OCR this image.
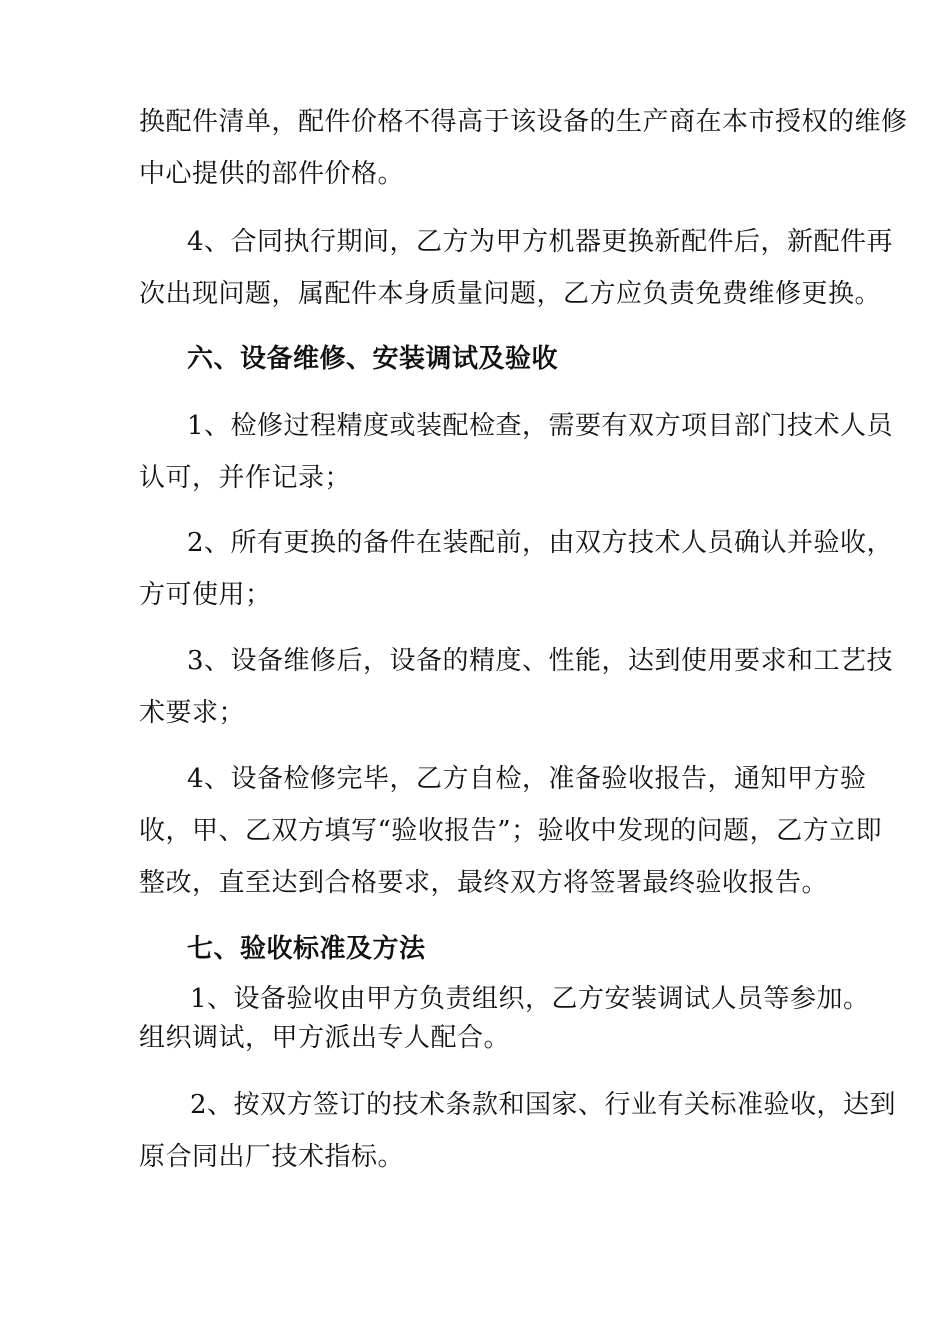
换配件清单，配件价格不得高于该设备的生产商在本市授权的维修
中心提供的部件价格。
4、合同执行期间，乙方为甲方机器更换新配件后，新配件再
次出现问题，属配件本身质量问题，乙方应负责免费维修更换。
六、设备维修、安装调试及验收
1、检修过程精度或装配检查，需要有双方项目部门技术人员
认可，并作记录；
2、所有更换的备件在装配前，由双方技术人员确认并验收，
方可使用；
3、设备维修后，设备的精度、性能，达到使用要求和工艺技
术要求；
4、设备检修完毕，乙方自检，准备验收报告，通知甲方验
收，甲、乙双方填写“验收报告”；验收中发现的问题，乙方立即
整改，直至达到合格要求，最终双方将签署最终验收报告。
七、验收标准及方法
1、设备验收由甲方负责组织，乙方安装调试人员等参加。
组织调试，甲方派出专人配合。
2、按双方签订的技术条款和国家、行业有关标准验收，达到
原合同出厂技术指标。
